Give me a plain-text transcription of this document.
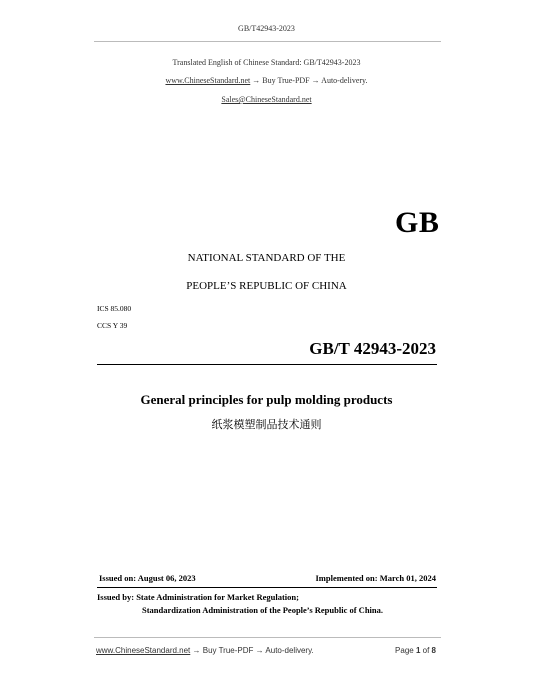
GB/T42943-2023
Translated English of Chinese Standard: GB/T42943-2023
www.ChineseStandard.net → Buy True-PDF → Auto-delivery.
Sales@ChineseStandard.net
GB
NATIONAL STANDARD OF THE
PEOPLE’S REPUBLIC OF CHINA
ICS 85.080
CCS Y 39
GB/T 42943-2023
General principles for pulp molding products
纸浆模塑制品技术通则
Issued on: August 06, 2023	Implemented on: March 01, 2024
Issued by: State Administration for Market Regulation;
Standardization Administration of the People’s Republic of China.
www.ChineseStandard.net → Buy True-PDF → Auto-delivery.	Page 1 of 8
